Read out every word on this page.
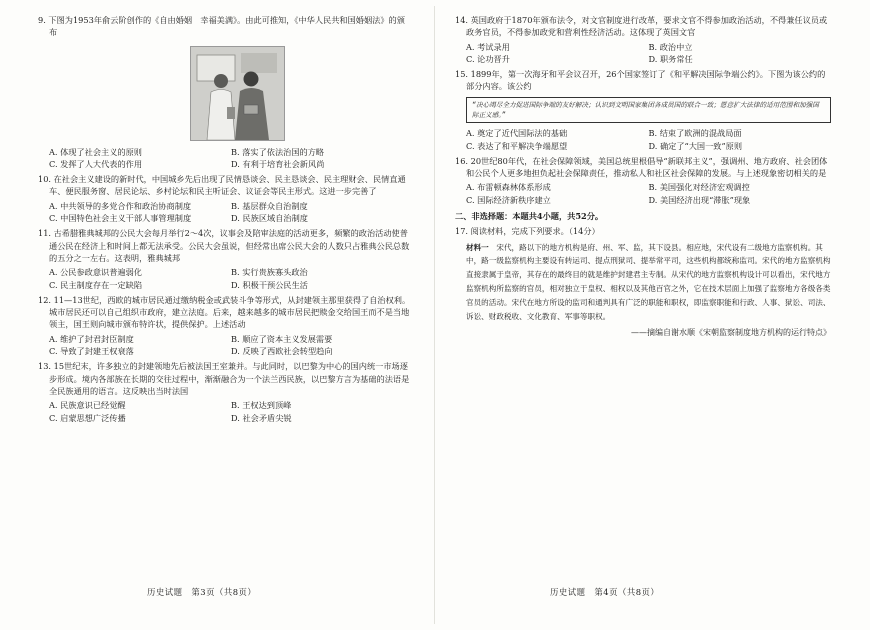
9. 下图为1953年俞云阶创作的《自由婚姻　幸福美满》。由此可推知，《中华人民共和国婚姻法》的颁布

A. 体现了社会主义的原则	B. 落实了依法治国的方略

C. 发挥了人大代表的作用	D. 有利于培育社会新风尚

10. 在社会主义建设的新时代，中国城乡先后出现了民情恳谈会、民主恳谈会、民主理财会、民情直通车、便民服务窗、居民论坛、乡村论坛和民主听证会、议证会等民主形式。这进一步完善了

A. 中共领导的多党合作和政治协商制度	B. 基层群众自治制度

C. 中国特色社会主义干部人事管理制度	D. 民族区域自治制度

11. 古希腊雅典城邦的公民大会每月举行2～4次，议事会及陪审法庭的活动更多，频繁的政治活动使普通公民在经济上和时间上都无法承受。公民大会虽说，但经常出席公民大会的人数只占雅典公民总数的五分之一左右。这表明，雅典城邦

A. 公民参政意识普遍弱化	B. 实行贵族寡头政治

C. 民主制度存在一定缺陷	D. 积极干预公民生活

12. 11—13世纪，西欧的城市居民通过缴纳税金或武装斗争等形式，从封建领主那里获得了自治权利。城市居民还可以自己组织市政府，建立法庭。后来，越来越多的城市居民把赎金交给国王而不是当地领主，国王则向城市颁布特许状，提供保护。上述活动

A. 维护了封君封臣制度	B. 顺应了资本主义发展需要

C. 导致了封建王权衰落	D. 反映了西欧社会转型趋向

13. 15世纪末，许多独立的封建领地先后被法国王室兼并。与此同时，以巴黎为中心的国内统一市场逐步形成。境内各部族在长期的交往过程中，渐渐融合为一个法兰西民族，以巴黎方言为基础的法语是全民族通用的语言。这反映出当时法国

A. 民族意识已经觉醒	B. 王权达到顶峰

C. 启蒙思想广泛传播	D. 社会矛盾尖锐

历史试题　第3页（共8页）

14. 英国政府于1870年颁布法令，对文官制度进行改革，要求文官不得参加政治活动，不得兼任议员或政务官员，不得参加政党和营利性经济活动。这体现了英国文官

A. 考试录用	B. 政治中立

C. 论功晋升	D. 职务常任

15. 1899年，第一次海牙和平会议召开，26个国家签订了《和平解决国际争端公约》。下图为该公约的部分内容。该公约

“决心竭尽全力促进国际争端的友好解决；认识到文明国家集团各成员国的联合一致；愿意扩大法律的适用范围和加强国际正义感。”

A. 奠定了近代国际法的基础	B. 结束了欧洲的混战局面

C. 表达了和平解决争端愿望	D. 确定了“大国一致”原则

16. 20世纪80年代，在社会保障领域，美国总统里根倡导“新联邦主义”，强调州、地方政府、社会团体和公民个人更多地担负起社会保障责任，推动私人和社区社会保障的发展。与上述现象密切相关的是

A. 布雷顿森林体系形成	B. 美国强化对经济宏观调控

C. 国际经济新秩序建立	D. 美国经济出现“滞胀”现象

二、非选择题：本题共4小题，共52分。

17. 阅读材料，完成下列要求。（14分）

材料一　 宋代，路以下的地方机构是府、州、军、监，其下设县。相应地，宋代设有二级地方监察机构。其中，路一级监察机构主要设有转运司、提点刑狱司、提举常平司，这些机构都统称监司。宋代的地方监察机构直接隶属于皇帝，其存在的最终目的就是维护封建君主专制。从宋代的地方监察机构设计可以看出，宋代地方监察机构所监察的官员，相对独立于皇权、相权以及其他百官之外，它在技术层面上加强了监察地方各级各类官员的活动。宋代在地方所设的监司和通判具有广泛的职能和职权，即监察职能和行政、人事、狱讼、司法、诉讼、财政税收、文化教育、军事等职权。

——摘编自谢水顺《宋朝监察制度地方机构的运行特点》

历史试题　第4页（共8页）
